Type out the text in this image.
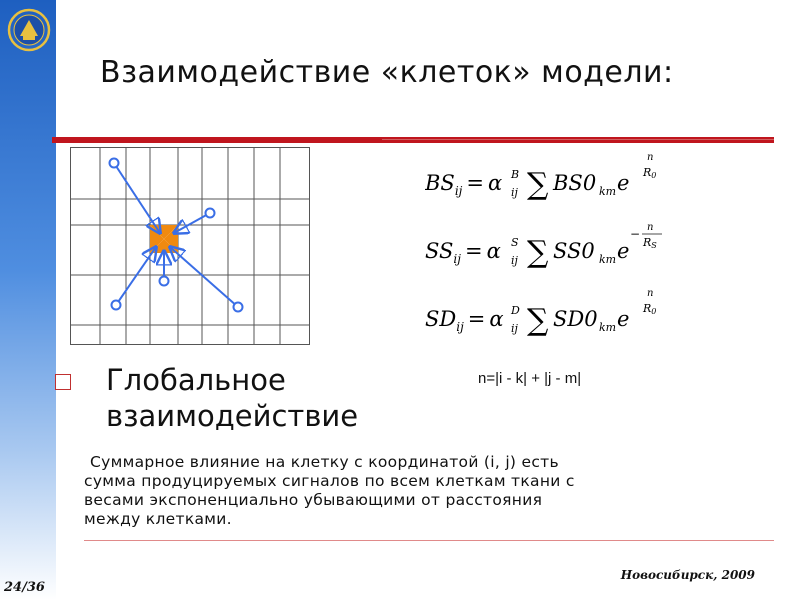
Взаимодействие «клеток» модели:
$BS_{ij} = \alpha$ B
ij ∑ BS0 km e
n
R0
$SS_{ij} = \alpha$ S
ij ∑ SS0 km e
− n
RS
$SD_{ij} = \alpha$ D
ij ∑ SD0 km e
n
R0
Глобальное
взаимодействие
n=|i - k| + |j - m|
Суммарное влияние на клетку с координатой (i, j) есть
сумма продуцируемых сигналов по всем клеткам ткани с
весами экспоненциально убывающими от расстояния
между клетками.
Новосибирск, 2009
24/36
